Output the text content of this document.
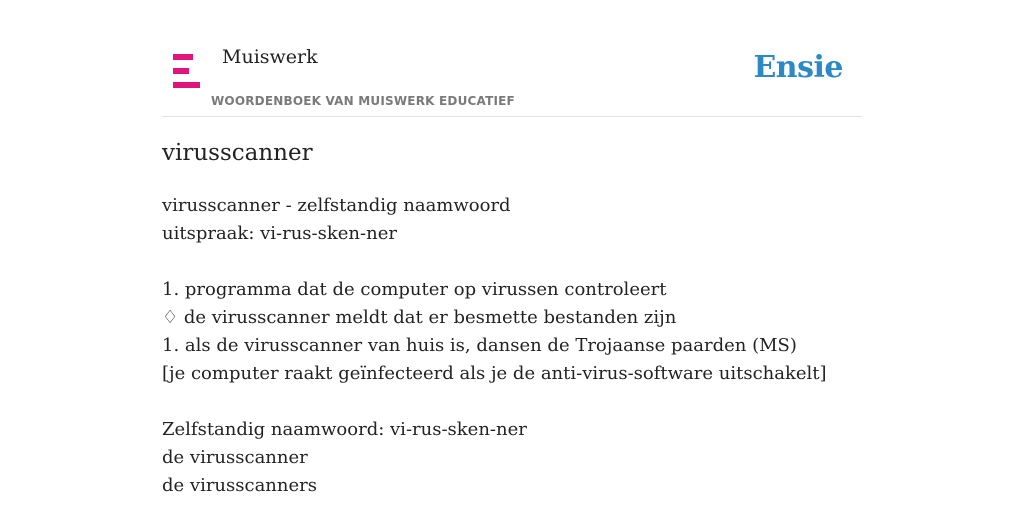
Muiswerk
WOORDENBOEK VAN MUISWERK EDUCATIEF
Ensie
virusscanner
virusscanner - zelfstandig naamwoord
uitspraak: vi-rus-sken-ner
1. programma dat de computer op virussen controleert
♢ de virusscanner meldt dat er besmette bestanden zijn
1. als de virusscanner van huis is, dansen de Trojaanse paarden (MS)
[je computer raakt geïnfecteerd als je de anti-virus-software uitschakelt]
Zelfstandig naamwoord: vi-rus-sken-ner
de virusscanner
de virusscanners
